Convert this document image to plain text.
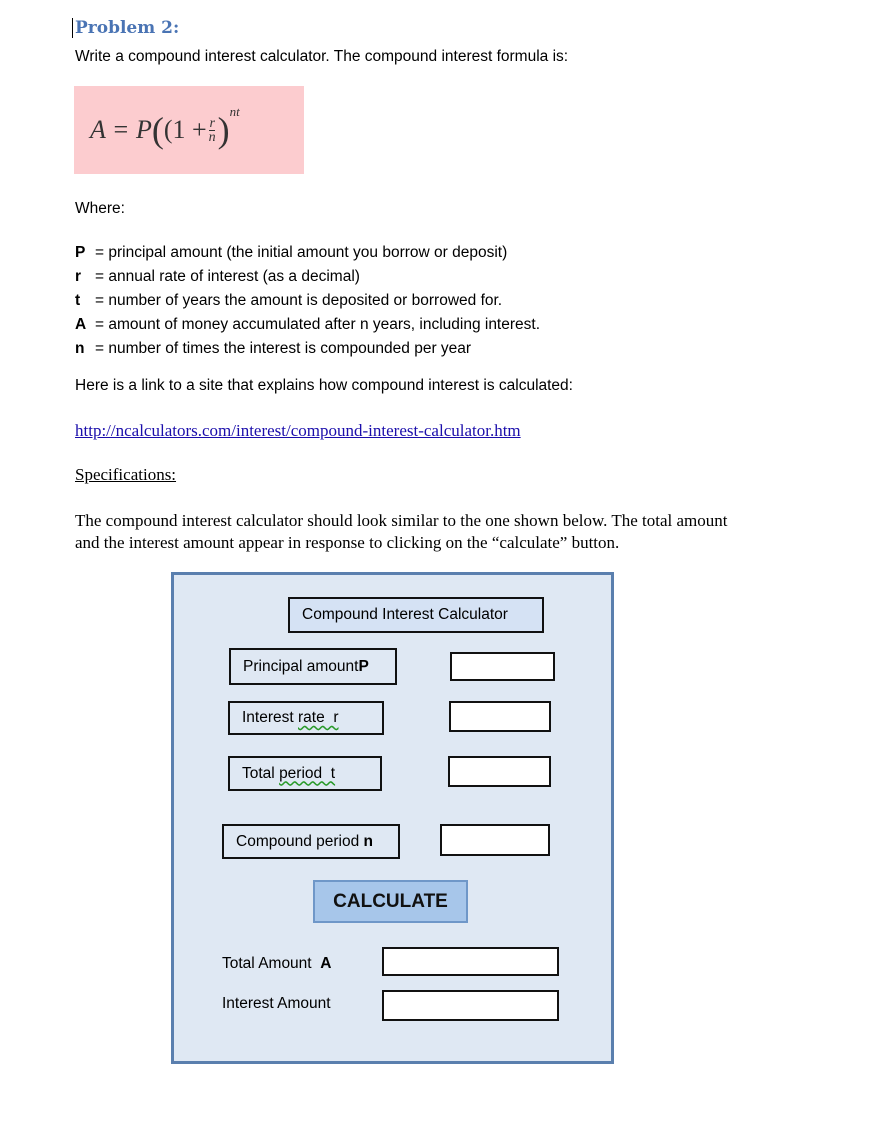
Problem 2:
Write a compound interest calculator. The compound interest formula is:
A = P ( $(1 + \frac{r}{n} )^{nt}$
Where:
P = principal amount (the initial amount you borrow or deposit)
r = annual rate of interest (as a decimal)
t = number of years the amount is deposited or borrowed for.
A = amount of money accumulated after n years, including interest.
n = number of times the interest is compounded per year
Here is a link to a site that explains how compound interest is calculated:
http://ncalculators.com/interest/compound-interest-calculator.htm
Specifications:
The compound interest calculator should look similar to the one shown below. The total amount
and the interest amount appear in response to clicking on the “calculate” button.
Compound Interest Calculator
Principal amount P
Interest rate  r
Total period  t
Compound period n
CALCULATE
Total Amount  A
Interest Amount
